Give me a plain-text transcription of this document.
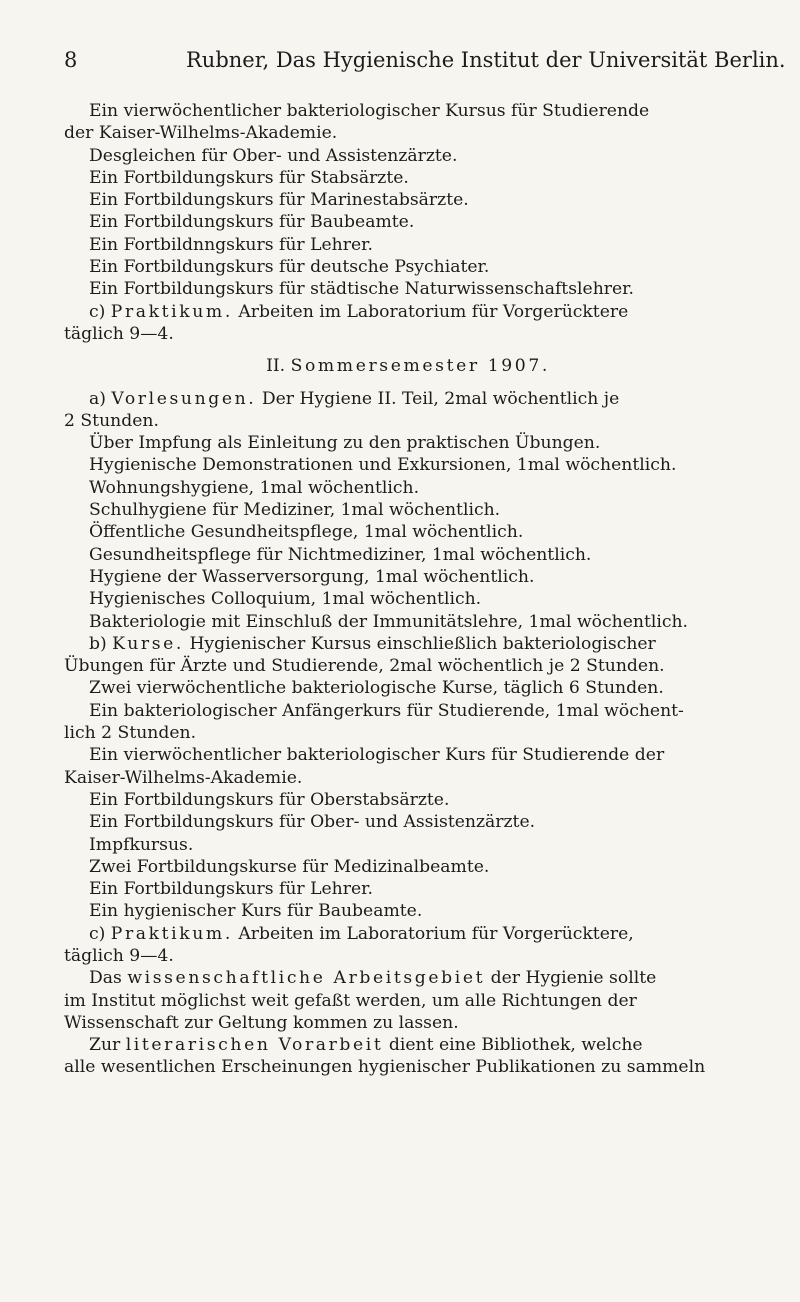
8	Rubner, Das Hygienische Institut der Universität Berlin.

Ein vierwöchentlicher bakteriologischer Kursus für Studierende

der Kaiser-Wilhelms-Akademie.

Desgleichen für Ober- und Assistenzärzte.

Ein Fortbildungskurs für Stabsärzte.

Ein Fortbildungskurs für Marinestabsärzte.

Ein Fortbildungskurs für Baubeamte.

Ein Fortbildnngskurs für Lehrer.

Ein Fortbildungskurs für deutsche Psychiater.

Ein Fortbildungskurs für städtische Naturwissenschaftslehrer.

c) Praktikum. Arbeiten im Laboratorium für Vorgerücktere

täglich 9—4.

II. Sommersemester 1907.

a) Vorlesungen. Der Hygiene II. Teil, 2mal wöchentlich je

2 Stunden.

Über Impfung als Einleitung zu den praktischen Übungen.

Hygienische Demonstrationen und Exkursionen, 1mal wöchentlich.

Wohnungshygiene, 1mal wöchentlich.

Schulhygiene für Mediziner, 1mal wöchentlich.

Öffentliche Gesundheitspflege, 1mal wöchentlich.

Gesundheitspflege für Nichtmediziner, 1mal wöchentlich.

Hygiene der Wasserversorgung, 1mal wöchentlich.

Hygienisches Colloquium, 1mal wöchentlich.

Bakteriologie mit Einschluß der Immunitätslehre, 1mal wöchentlich.

b) Kurse. Hygienischer Kursus einschließlich bakteriologischer

Übungen für Ärzte und Studierende, 2mal wöchentlich je 2 Stunden.

Zwei vierwöchentliche bakteriologische Kurse, täglich 6 Stunden.

Ein bakteriologischer Anfängerkurs für Studierende, 1mal wöchent-

lich 2 Stunden.

Ein vierwöchentlicher bakteriologischer Kurs für Studierende der

Kaiser-Wilhelms-Akademie.

Ein Fortbildungskurs für Oberstabsärzte.

Ein Fortbildungskurs für Ober- und Assistenzärzte.

Impfkursus.

Zwei Fortbildungskurse für Medizinalbeamte.

Ein Fortbildungskurs für Lehrer.

Ein hygienischer Kurs für Baubeamte.

c) Praktikum. Arbeiten im Laboratorium für Vorgerücktere,

täglich 9—4.

Das wissenschaftliche Arbeitsgebiet der Hygienie sollte

im Institut möglichst weit gefaßt werden, um alle Richtungen der

Wissenschaft zur Geltung kommen zu lassen.

Zur literarischen Vorarbeit dient eine Bibliothek, welche

alle wesentlichen Erscheinungen hygienischer Publikationen zu sammeln
